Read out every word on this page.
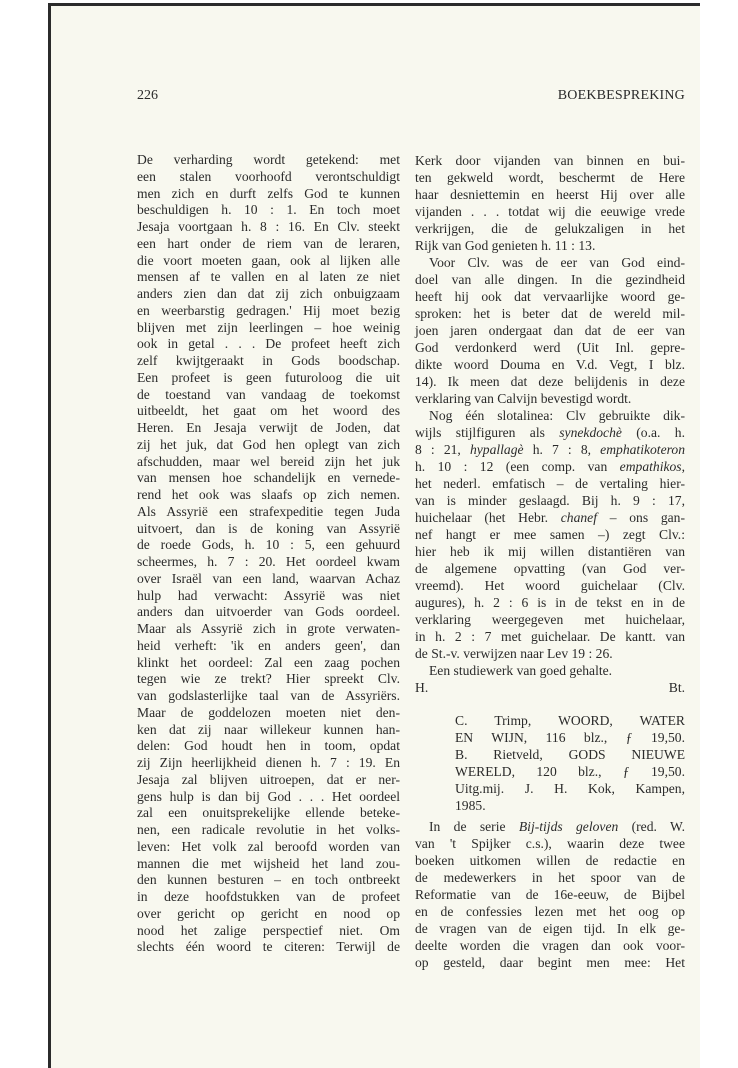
226	BOEKBESPREKING
De verharding wordt getekend: met
een stalen voorhoofd verontschuldigt
men zich en durft zelfs God te kunnen
beschuldigen h. 10 : 1. En toch moet
Jesaja voortgaan h. 8 : 16. En Clv. steekt
een hart onder de riem van de leraren,
die voort moeten gaan, ook al lijken alle
mensen af te vallen en al laten ze niet
anders zien dan dat zij zich onbuigzaam
en weerbarstig gedragen.' Hij moet bezig
blijven met zijn leerlingen – hoe weinig
ook in getal . . . De profeet heeft zich
zelf kwijtgeraakt in Gods boodschap.
Een profeet is geen futuroloog die uit
de toestand van vandaag de toekomst
uitbeeldt, het gaat om het woord des
Heren. En Jesaja verwijt de Joden, dat
zij het juk, dat God hen oplegt van zich
afschudden, maar wel bereid zijn het juk
van mensen hoe schandelijk en vernede-
rend het ook was slaafs op zich nemen.
Als Assyrië een strafexpeditie tegen Juda
uitvoert, dan is de koning van Assyrië
de roede Gods, h. 10 : 5, een gehuurd
scheermes, h. 7 : 20. Het oordeel kwam
over Israël van een land, waarvan Achaz
hulp had verwacht: Assyrië was niet
anders dan uitvoerder van Gods oordeel.
Maar als Assyrië zich in grote verwaten-
heid verheft: 'ik en anders geen', dan
klinkt het oordeel: Zal een zaag pochen
tegen wie ze trekt? Hier spreekt Clv.
van godslasterlijke taal van de Assyriërs.
Maar de goddelozen moeten niet den-
ken dat zij naar willekeur kunnen han-
delen: God houdt hen in toom, opdat
zij Zijn heerlijkheid dienen h. 7 : 19. En
Jesaja zal blijven uitroepen, dat er ner-
gens hulp is dan bij God . . . Het oordeel
zal een onuitsprekelijke ellende beteke-
nen, een radicale revolutie in het volks-
leven: Het volk zal beroofd worden van
mannen die met wijsheid het land zou-
den kunnen besturen – en toch ontbreekt
in deze hoofdstukken van de profeet
over gericht op gericht en nood op
nood het zalige perspectief niet. Om
slechts één woord te citeren: Terwijl de
Kerk door vijanden van binnen en bui-
ten gekweld wordt, beschermt de Here
haar desniettemin en heerst Hij over alle
vijanden . . . totdat wij die eeuwige vrede
verkrijgen, die de gelukzaligen in het
Rijk van God genieten h. 11 : 13.
Voor Clv. was de eer van God eind-
doel van alle dingen. In die gezindheid
heeft hij ook dat vervaarlijke woord ge-
sproken: het is beter dat de wereld mil-
joen jaren ondergaat dan dat de eer van
God verdonkerd werd (Uit Inl. gepre-
dikte woord Douma en V.d. Vegt, I blz.
14). Ik meen dat deze belijdenis in deze
verklaring van Calvijn bevestigd wordt.
Nog één slotalinea: Clv gebruikte dik-
wijls stijlfiguren als synekdochè (o.a. h.
8 : 21, hypallagè h. 7 : 8, emphatikoteron
h. 10 : 12 (een comp. van empathikos,
het nederl. emfatisch – de vertaling hier-
van is minder geslaagd. Bij h. 9 : 17,
huichelaar (het Hebr. chanef – ons gan-
nef hangt er mee samen –) zegt Clv.:
hier heb ik mij willen distantiëren van
de algemene opvatting (van God ver-
vreemd). Het woord guichelaar (Clv.
augures), h. 2 : 6 is in de tekst en in de
verklaring weergegeven met huichelaar,
in h. 2 : 7 met guichelaar. De kantt. van
de St.-v. verwijzen naar Lev 19 : 26.
Een studiewerk van goed gehalte.
H.	Bt.
C. Trimp, WOORD, WATER
EN WIJN, 116 blz., ƒ 19,50.
B. Rietveld, GODS NIEUWE
WERELD, 120 blz., ƒ 19,50.
Uitg.mij. J. H. Kok, Kampen,
1985.
In de serie Bij-tijds geloven (red. W.
van 't Spijker c.s.), waarin deze twee
boeken uitkomen willen de redactie en
de medewerkers in het spoor van de
Reformatie van de 16e-eeuw, de Bijbel
en de confessies lezen met het oog op
de vragen van de eigen tijd. In elk ge-
deelte worden die vragen dan ook voor-
op gesteld, daar begint men mee: Het
